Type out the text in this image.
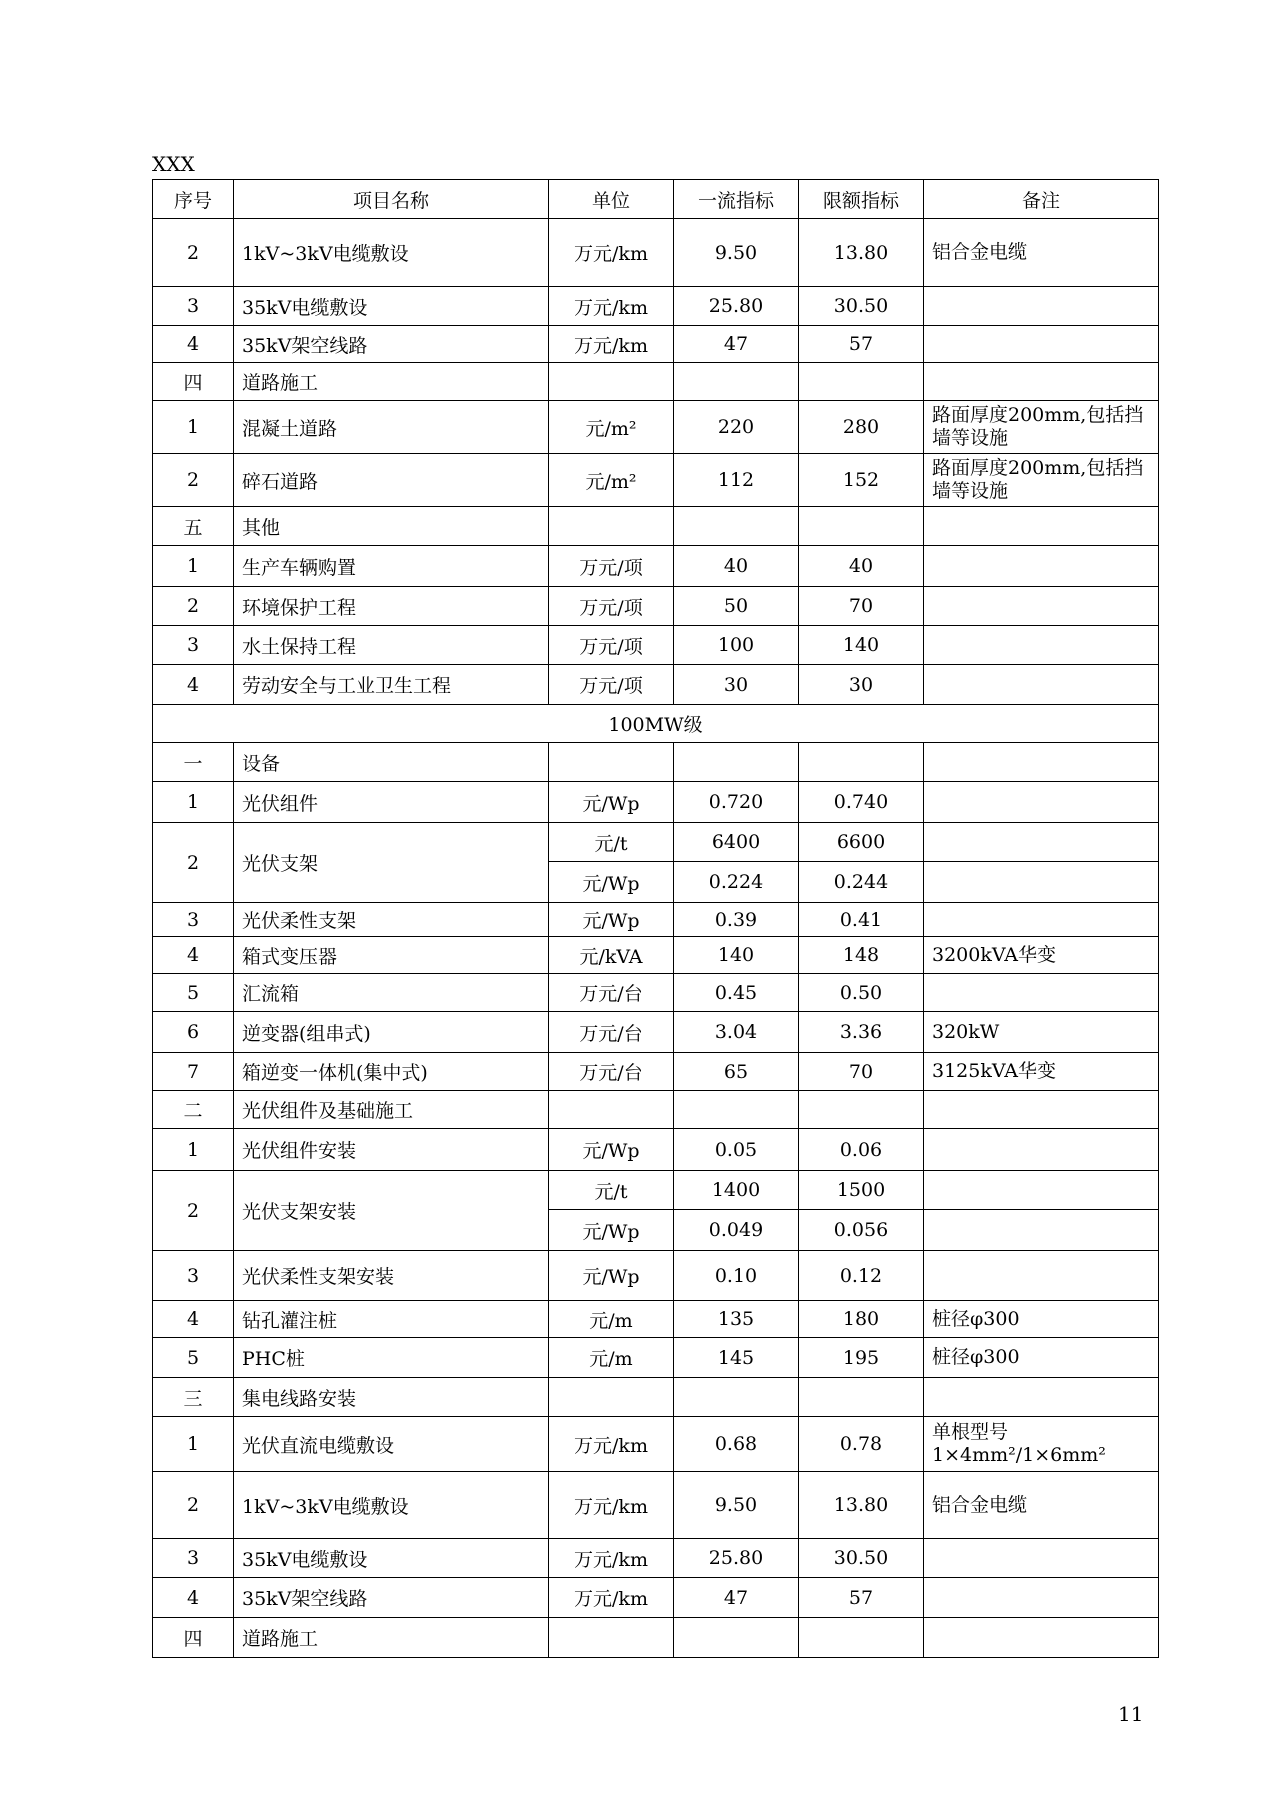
XXX
序号	项目名称	单位	一流指标	限额指标	备注
2	1kV~3kV电缆敷设	万元/km	9.50	13.80	铝合金电缆
3	35kV电缆敷设	万元/km	25.80	30.50	
4	35kV架空线路	万元/km	47	57	
四	道路施工				
1	混凝土道路	元/m²	220	280	路面厚度200mm,包括挡墙等设施
2	碎石道路	元/m²	112	152	路面厚度200mm,包括挡墙等设施
五	其他				
1	生产车辆购置	万元/项	40	40	
2	环境保护工程	万元/项	50	70	
3	水土保持工程	万元/项	100	140	
4	劳动安全与工业卫生工程	万元/项	30	30	
100MW级					
一	设备				
1	光伏组件	元/Wp	0.720	0.740	
2	光伏支架	元/t	6400	6600	
		元/Wp	0.224	0.244	
3	光伏柔性支架	元/Wp	0.39	0.41	
4	箱式变压器	元/kVA	140	148	3200kVA华变
5	汇流箱	万元/台	0.45	0.50	
6	逆变器(组串式)	万元/台	3.04	3.36	320kW
7	箱逆变一体机(集中式)	万元/台	65	70	3125kVA华变
二	光伏组件及基础施工				
1	光伏组件安装	元/Wp	0.05	0.06	
2	光伏支架安装	元/t	1400	1500	
		元/Wp	0.049	0.056	
3	光伏柔性支架安装	元/Wp	0.10	0.12	
4	钻孔灌注桩	元/m	135	180	桩径φ300
5	PHC桩	元/m	145	195	桩径φ300
三	集电线路安装				
1	光伏直流电缆敷设	万元/km	0.68	0.78	单根型号1×4mm²/1×6mm²
2	1kV~3kV电缆敷设	万元/km	9.50	13.80	铝合金电缆
3	35kV电缆敷设	万元/km	25.80	30.50	
4	35kV架空线路	万元/km	47	57	
四	道路施工				
11
